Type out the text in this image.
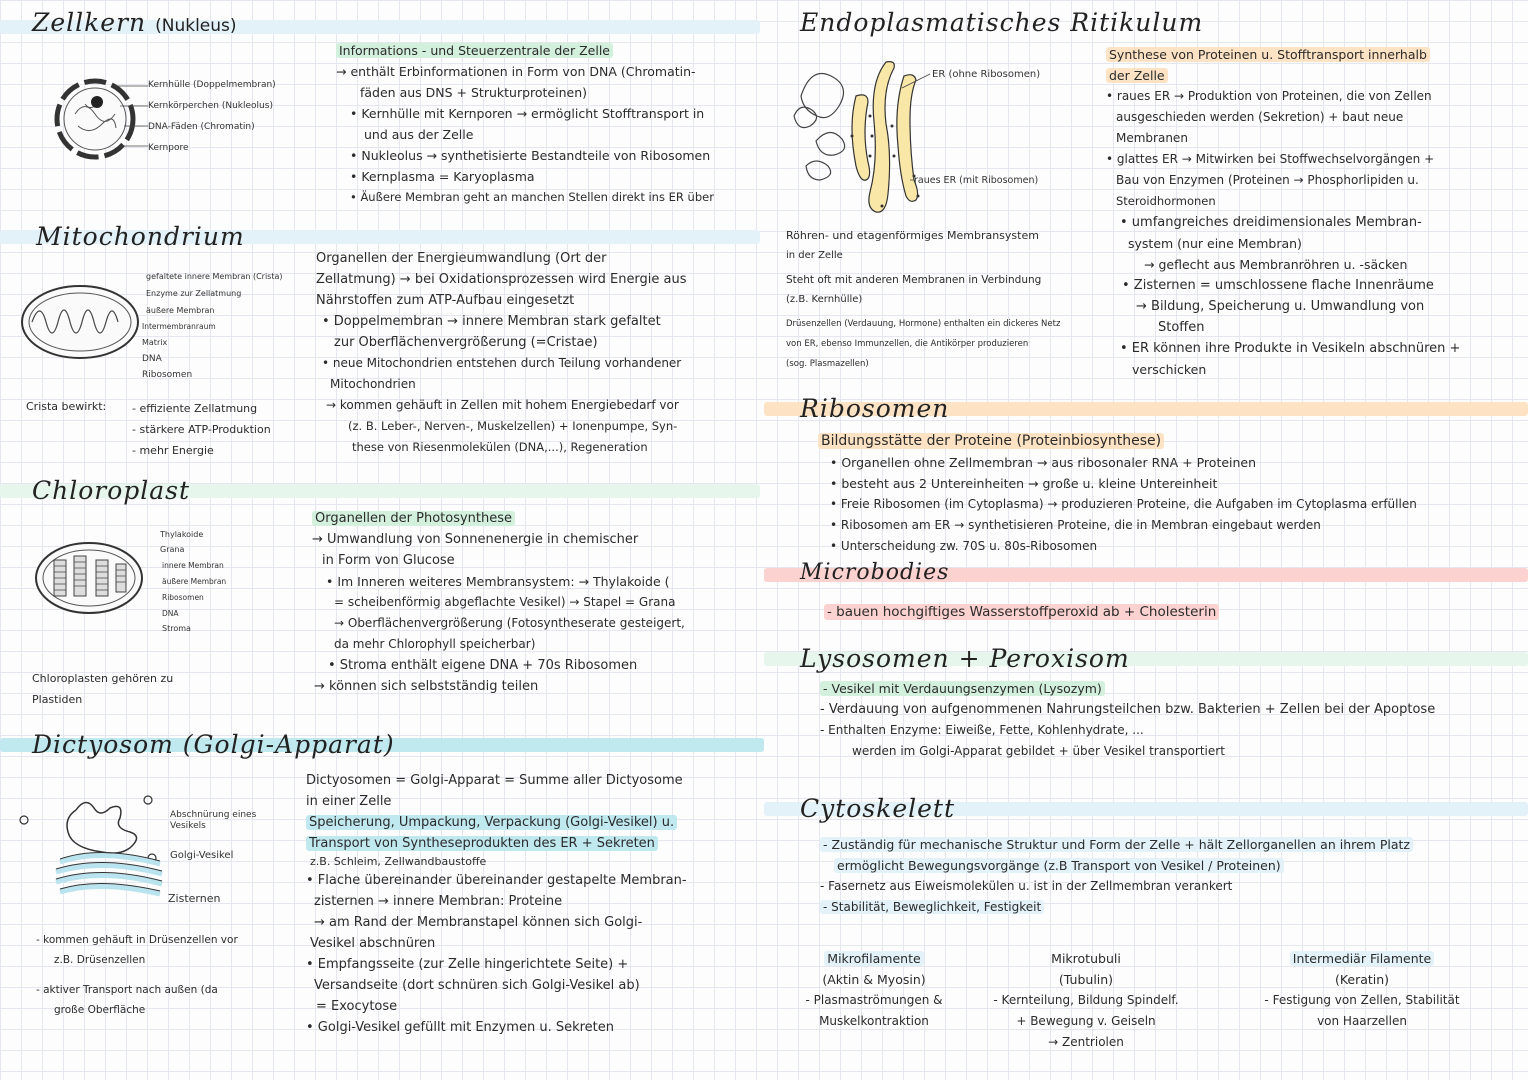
Zellkern (Nukleus)
Kernhülle (Doppelmembran)
Kernkörperchen (Nukleolus)
DNA-Fäden (Chromatin)
Kernpore
Informations - und Steuerzentrale der Zelle
→ enthält Erbinformationen in Form von DNA (Chromatin-
fäden aus DNS + Strukturproteinen)
• Kernhülle mit Kernporen → ermöglicht Stofftransport in
und aus der Zelle
• Nukleolus → synthetisierte Bestandteile von Ribosomen
• Kernplasma = Karyoplasma
• Äußere Membran geht an manchen Stellen direkt ins ER über
Mitochondrium
gefaltete innere Membran (Crista)
Enzyme zur Zellatmung
äußere Membran
Intermembranraum
Matrix
DNA
Ribosomen
Crista bewirkt: - effiziente Zellatmung
- stärkere ATP-Produktion
- mehr Energie
Organellen der Energieumwandlung (Ort der
Zellatmung) → bei Oxidationsprozessen wird Energie aus
Nährstoffen zum ATP-Aufbau eingesetzt
• Doppelmembran → innere Membran stark gefaltet
zur Oberflächenvergrößerung (=Cristae)
• neue Mitochondrien entstehen durch Teilung vorhandener
Mitochondrien
→ kommen gehäuft in Zellen mit hohem Energiebedarf vor
(z. B. Leber-, Nerven-, Muskelzellen) + Ionenpumpe, Syn-
these von Riesenmolekülen (DNA,...), Regeneration
Chloroplast
Thylakoide
Grana
innere Membran
äußere Membran
Ribosomen
DNA
Stroma
Chloroplasten gehören zu
Plastiden
Organellen der Photosynthese
→ Umwandlung von Sonnenenergie in chemischer
in Form von Glucose
• Im Inneren weiteres Membransystem: → Thylakoide (
= scheibenförmig abgeflachte Vesikel) → Stapel = Grana
→ Oberflächenvergrößerung (Fotosyntheserate gesteigert,
da mehr Chlorophyll speicherbar)
• Stroma enthält eigene DNA + 70s Ribosomen
→ können sich selbstständig teilen
Dictyosom (Golgi-Apparat)
Abschnürung eines Vesikels
Golgi-Vesikel
Zisternen
- kommen gehäuft in Drüsenzellen vor
z.B. Drüsenzellen
- aktiver Transport nach außen (da
große Oberfläche
Dictyosomen = Golgi-Apparat = Summe aller Dictyosome
in einer Zelle
Speicherung, Umpackung, Verpackung (Golgi-Vesikel) u.
Transport von Syntheseprodukten des ER + Sekreten
z.B. Schleim, Zellwandbaustoffe
• Flache übereinander übereinander gestapelte Membran-
zisternen → innere Membran: Proteine
→ am Rand der Membranstapel können sich Golgi-
Vesikel abschnüren
• Empfangsseite (zur Zelle hingerichtete Seite) +
Versandseite (dort schnüren sich Golgi-Vesikel ab)
= Exocytose
• Golgi-Vesikel gefüllt mit Enzymen u. Sekreten
Endoplasmatisches Ritikulum
ER (ohne Ribosomen)
raues ER (mit Ribosomen)
Röhren- und etagenförmiges Membransystem
in der Zelle
Steht oft mit anderen Membranen in Verbindung
(z.B. Kernhülle)
Drüsenzellen (Verdauung, Hormone) enthalten ein dickeres Netz
von ER, ebenso Immunzellen, die Antikörper produzieren
(sog. Plasmazellen)
Synthese von Proteinen u. Stofftransport innerhalb
der Zelle
• raues ER → Produktion von Proteinen, die von Zellen
ausgeschieden werden (Sekretion) + baut neue
Membranen
• glattes ER → Mitwirken bei Stoffwechselvorgängen +
Bau von Enzymen (Proteinen → Phosphorlipiden u.
Steroidhormonen
• umfangreiches dreidimensionales Membran-
system (nur eine Membran)
→ geflecht aus Membranröhren u. -säcken
• Zisternen = umschlossene flache Innenräume
→ Bildung, Speicherung u. Umwandlung von
Stoffen
• ER können ihre Produkte in Vesikeln abschnüren +
verschicken
Ribosomen
Bildungsstätte der Proteine (Proteinbiosynthese)
• Organellen ohne Zellmembran → aus ribosonaler RNA + Proteinen
• besteht aus 2 Untereinheiten → große u. kleine Untereinheit
• Freie Ribosomen (im Cytoplasma) → produzieren Proteine, die Aufgaben im Cytoplasma erfüllen
• Ribosomen am ER → synthetisieren Proteine, die in Membran eingebaut werden
• Unterscheidung zw. 70S u. 80s-Ribosomen
Microbodies
- bauen hochgiftiges Wasserstoffperoxid ab + Cholesterin
Lysosomen + Peroxisom
- Vesikel mit Verdauungsenzymen (Lysozym)
- Verdauung von aufgenommenen Nahrungsteilchen bzw. Bakterien + Zellen bei der Apoptose
- Enthalten Enzyme: Eiweiße, Fette, Kohlenhydrate, ...
werden im Golgi-Apparat gebildet + über Vesikel transportiert
Cytoskelett
- Zuständig für mechanische Struktur und Form der Zelle + hält Zellorganellen an ihrem Platz
ermöglicht Bewegungsvorgänge (z.B Transport von Vesikel / Proteinen)
- Fasernetz aus Eiweismolekülen u. ist in der Zellmembran verankert
- Stabilität, Beweglichkeit, Festigkeit
Mikrofilamente
(Aktin & Myosin)
- Plasmaströmungen &
Muskelkontraktion
Mikrotubuli
(Tubulin)
- Kernteilung, Bildung Spindelf.
+ Bewegung v. Geiseln
→ Zentriolen
Intermediär Filamente
(Keratin)
- Festigung von Zellen, Stabilität
von Haarzellen
